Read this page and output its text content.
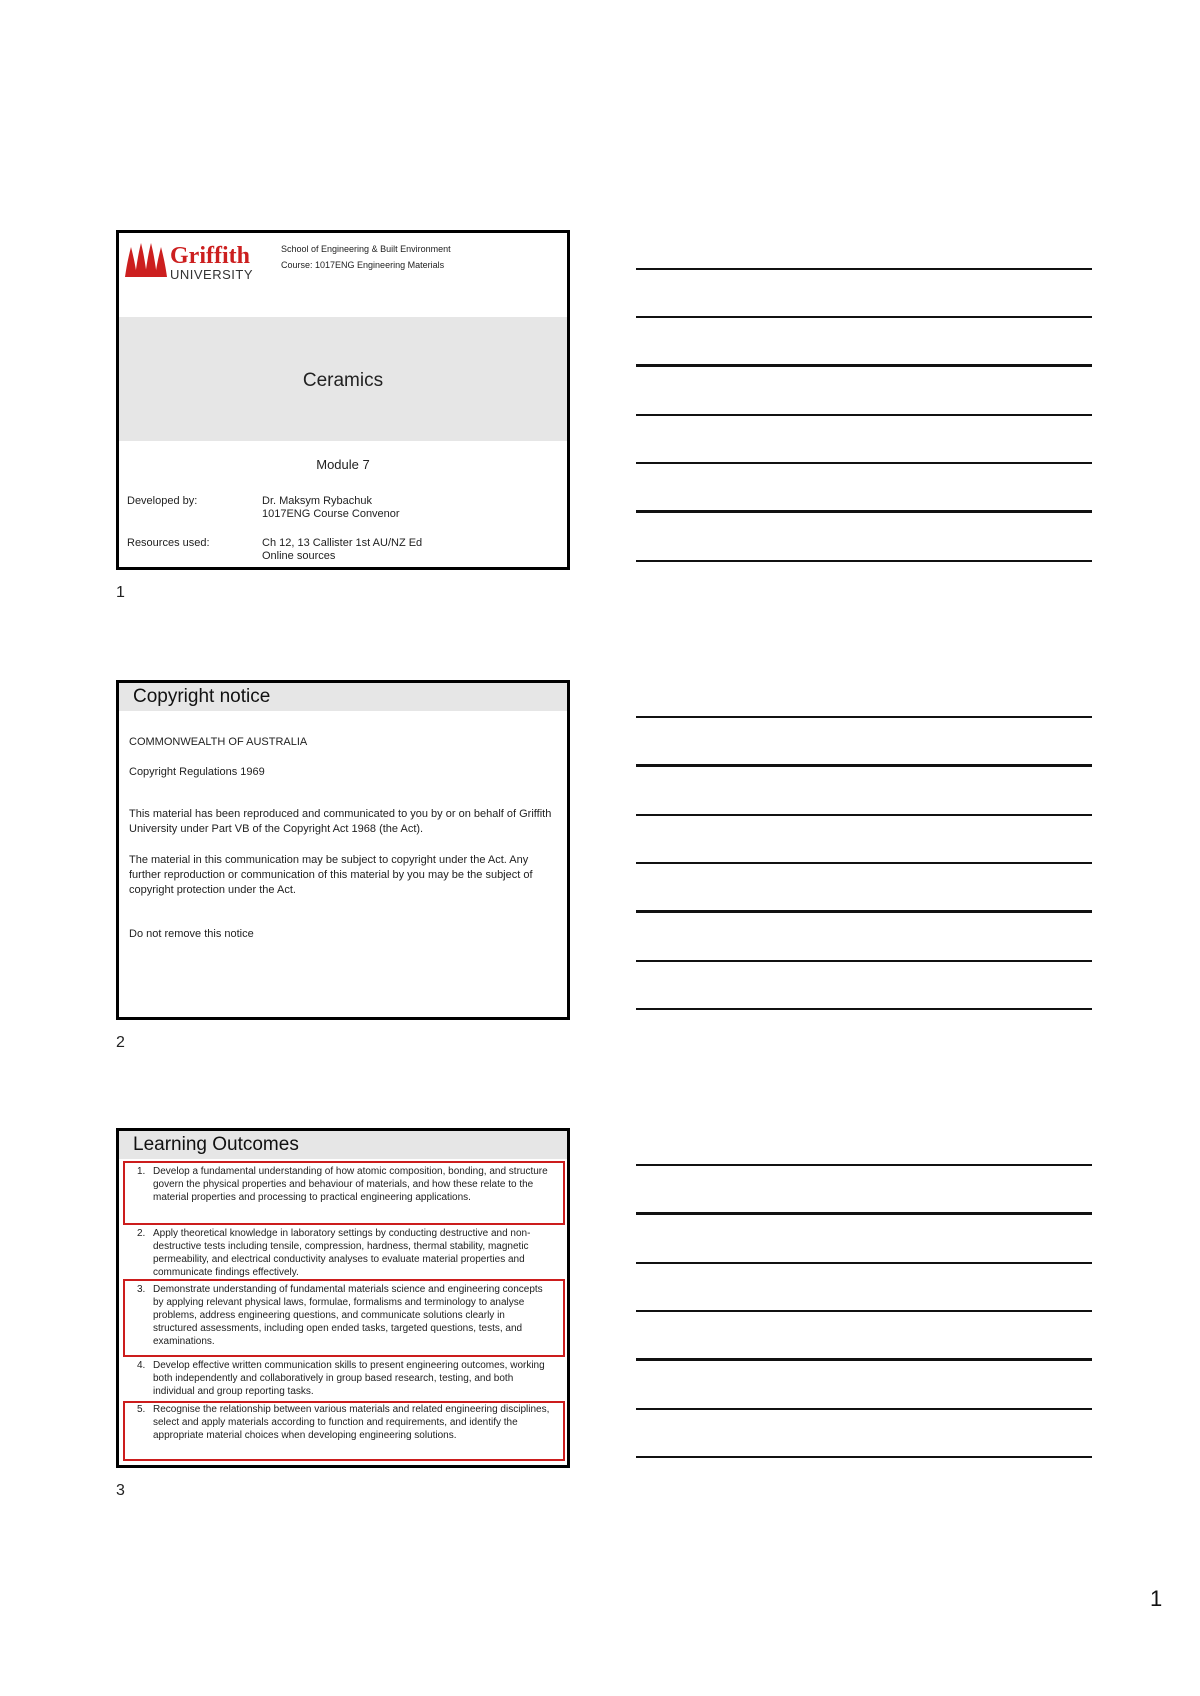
Griffith
UNIVERSITY
School of Engineering & Built Environment
Course: 1017ENG Engineering Materials
Ceramics
Module 7
Developed by:	Dr. Maksym Rybachuk
1017ENG Course Convenor
Resources used:	Ch 12, 13 Callister 1st AU/NZ Ed
Online sources
1
Copyright notice
COMMONWEALTH OF AUSTRALIA
Copyright Regulations 1969
This material has been reproduced and communicated to you by or on behalf of Griffith University under Part VB of the Copyright Act 1968 (the Act).
The material in this communication may be subject to copyright under the Act. Any further reproduction or communication of this material by you may be the subject of copyright protection under the Act.
Do not remove this notice
2
Learning Outcomes
1. Develop a fundamental understanding of how atomic composition, bonding, and structure govern the physical properties and behaviour of materials, and how these relate to the material properties and processing to practical engineering applications.
2. Apply theoretical knowledge in laboratory settings by conducting destructive and non-destructive tests including tensile, compression, hardness, thermal stability, magnetic permeability, and electrical conductivity analyses to evaluate material properties and communicate findings effectively.
3. Demonstrate understanding of fundamental materials science and engineering concepts by applying relevant physical laws, formulae, formalisms and terminology to analyse problems, address engineering questions, and communicate solutions clearly in structured assessments, including open ended tasks, targeted questions, tests, and examinations.
4. Develop effective written communication skills to present engineering outcomes, working both independently and collaboratively in group based research, testing, and both individual and group reporting tasks.
5. Recognise the relationship between various materials and related engineering disciplines, select and apply materials according to function and requirements, and identify the appropriate material choices when developing engineering solutions.
3
1
